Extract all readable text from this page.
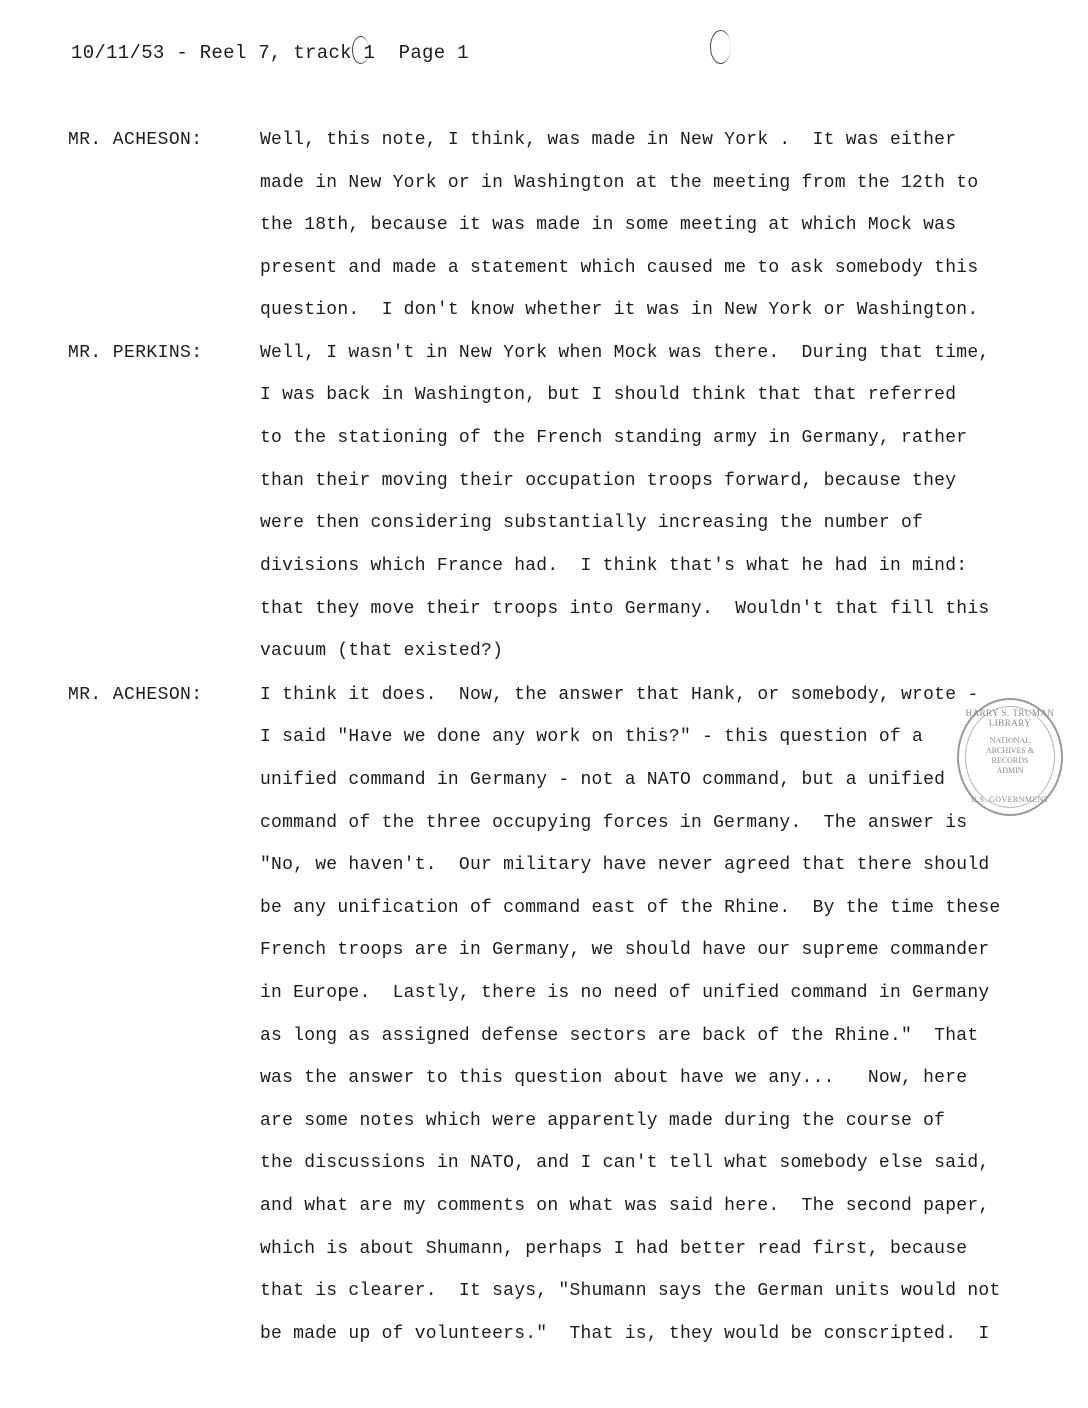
10/11/53 - Reel 7, track 1  Page 1
MR. ACHESON:
MR. PERKINS:
MR. ACHESON:
Well, this note, I think, was made in New York .  It was either
made in New York or in Washington at the meeting from the 12th to
the 18th, because it was made in some meeting at which Mock was
present and made a statement which caused me to ask somebody this
question.  I don't know whether it was in New York or Washington.
Well, I wasn't in New York when Mock was there.  During that time,
I was back in Washington, but I should think that that referred
to the stationing of the French standing army in Germany, rather
than their moving their occupation troops forward, because they
were then considering substantially increasing the number of
divisions which France had.  I think that's what he had in mind:
that they move their troops into Germany.  Wouldn't that fill this
vacuum (that existed?)
I think it does.  Now, the answer that Hank, or somebody, wrote -
I said "Have we done any work on this?" - this question of a
unified command in Germany - not a NATO command, but a unified
command of the three occupying forces in Germany.  The answer is
"No, we haven't.  Our military have never agreed that there should
be any unification of command east of the Rhine.  By the time these
French troops are in Germany, we should have our supreme commander
in Europe.  Lastly, there is no need of unified command in Germany
as long as assigned defense sectors are back of the Rhine."  That
was the answer to this question about have we any...   Now, here
are some notes which were apparently made during the course of
the discussions in NATO, and I can't tell what somebody else said,
and what are my comments on what was said here.  The second paper,
which is about Shumann, perhaps I had better read first, because
that is clearer.  It says, "Shumann says the German units would not
be made up of volunteers."  That is, they would be conscripted.  I
HARRY S. TRUMAN LIBRARY
NATIONAL
ARCHIVES &
RECORDS
ADMIN
U.S. GOVERNMENT
